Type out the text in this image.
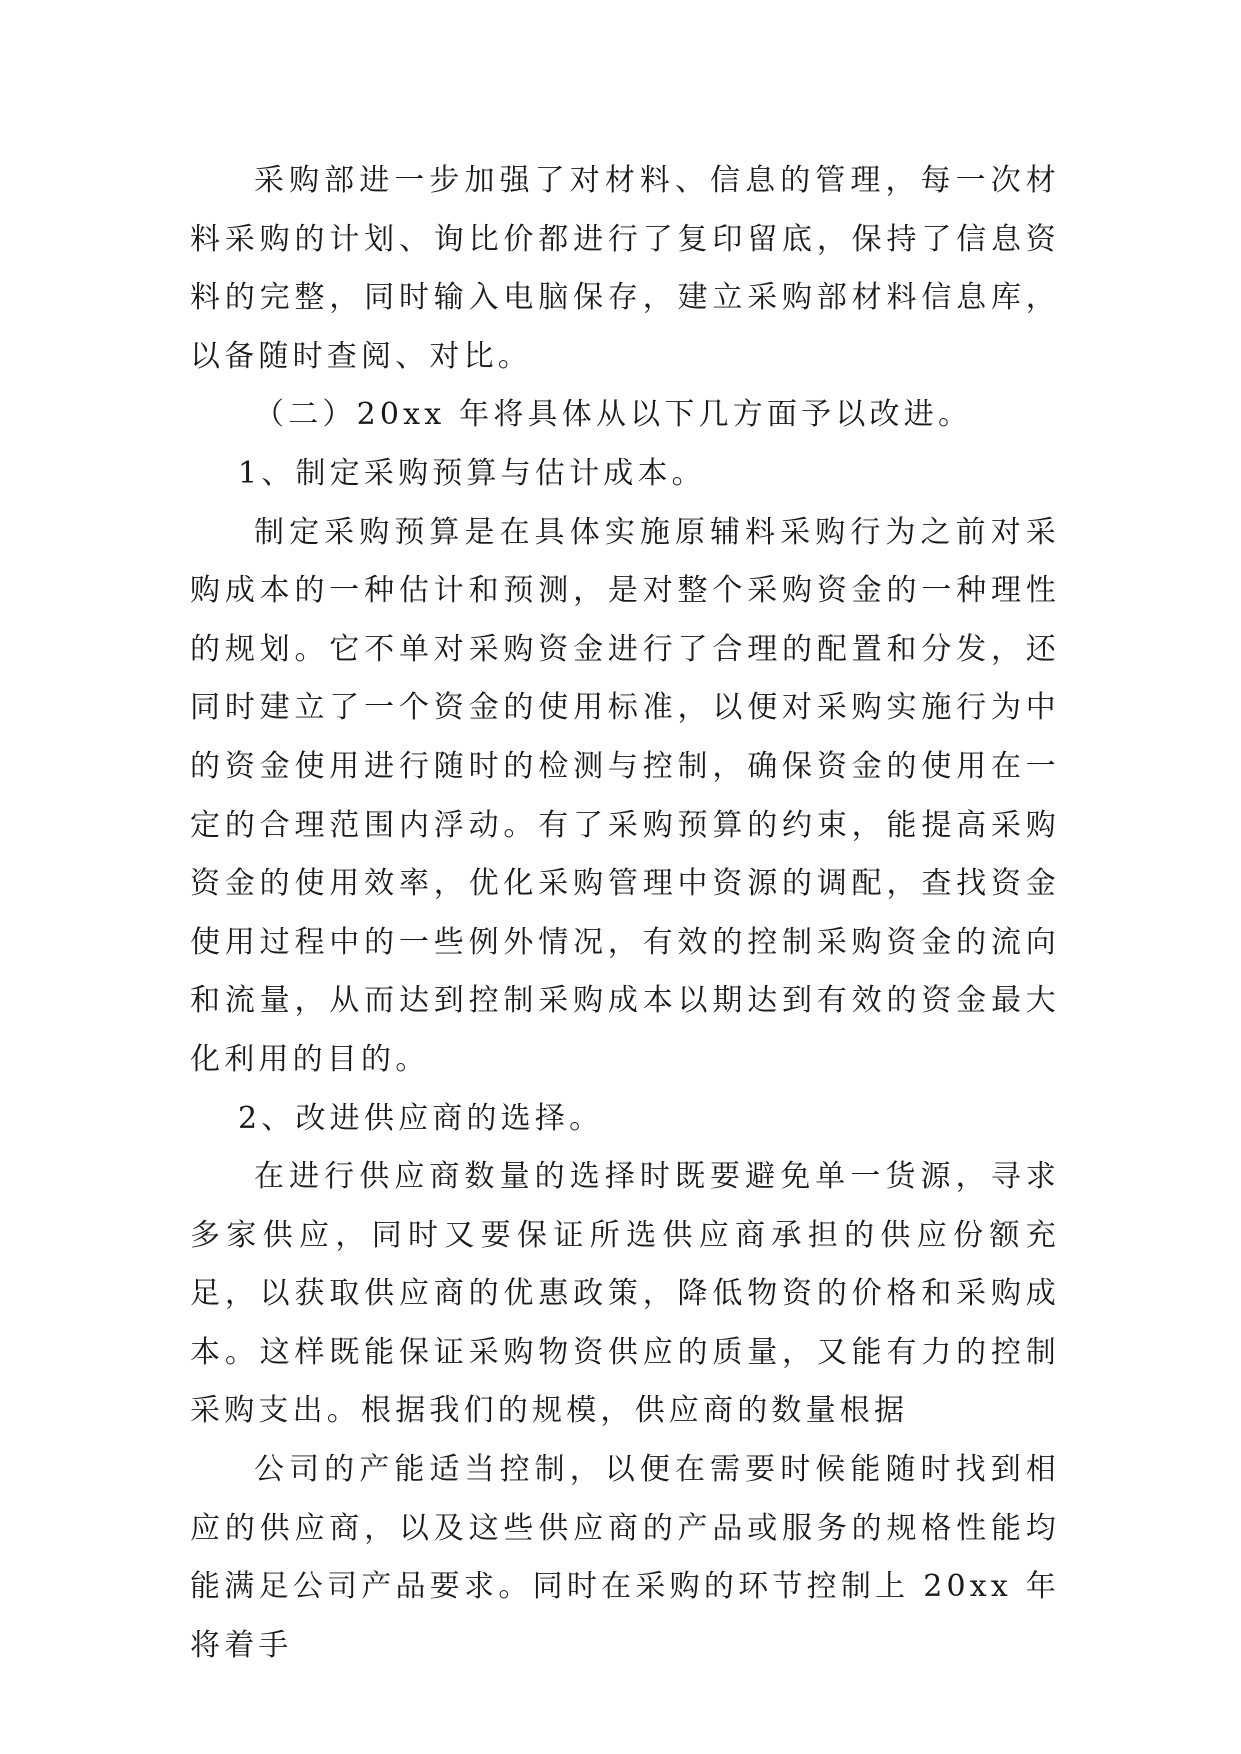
采购部进一步加强了对材料、信息的管理，每一次材料采购的计划、询比价都进行了复印留底，保持了信息资料的完整，同时输入电脑保存，建立采购部材料信息库，以备随时查阅、对比。

（二）20xx 年将具体从以下几方面予以改进。

1、制定采购预算与估计成本。

制定采购预算是在具体实施原辅料采购行为之前对采购成本的一种估计和预测，是对整个采购资金的一种理性的规划。它不单对采购资金进行了合理的配置和分发，还同时建立了一个资金的使用标准，以便对采购实施行为中的资金使用进行随时的检测与控制，确保资金的使用在一定的合理范围内浮动。有了采购预算的约束，能提高采购资金的使用效率，优化采购管理中资源的调配，查找资金使用过程中的一些例外情况，有效的控制采购资金的流向和流量，从而达到控制采购成本以期达到有效的资金最大化利用的目的。

2、改进供应商的选择。

在进行供应商数量的选择时既要避免单一货源，寻求多家供应，同时又要保证所选供应商承担的供应份额充足，以获取供应商的优惠政策，降低物资的价格和采购成本。这样既能保证采购物资供应的质量，又能有力的控制采购支出。根据我们的规模，供应商的数量根据

公司的产能适当控制，以便在需要时候能随时找到相应的供应商，以及这些供应商的产品或服务的规格性能均能满足公司产品要求。同时在采购的环节控制上 20xx 年将着手
